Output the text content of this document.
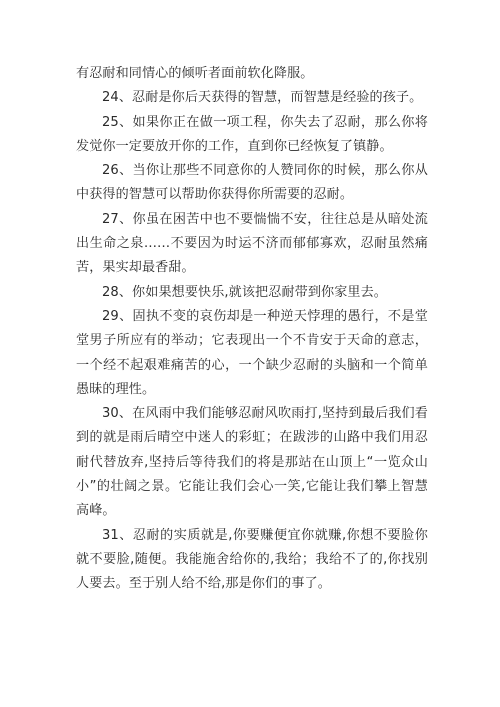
有忍耐和同情心的倾听者面前软化降服。

24、忍耐是你后天获得的智慧，而智慧是经验的孩子。

25、如果你正在做一项工程，你失去了忍耐，那么你将发觉你一定要放开你的工作，直到你已经恢复了镇静。

26、当你让那些不同意你的人赞同你的时候，那么你从中获得的智慧可以帮助你获得你所需要的忍耐。

27、你虽在困苦中也不要惴惴不安，往往总是从暗处流出生命之泉……不要因为时运不济而郁郁寡欢，忍耐虽然痛苦，果实却最香甜。

28、你如果想要快乐,就该把忍耐带到你家里去。

29、固执不变的哀伤却是一种逆天悖理的愚行，不是堂堂男子所应有的举动；它表现出一个不肯安于天命的意志，一个经不起艰难痛苦的心，一个缺少忍耐的头脑和一个简单愚昧的理性。

30、在风雨中我们能够忍耐风吹雨打,坚持到最后我们看到的就是雨后晴空中迷人的彩虹；在跋涉的山路中我们用忍耐代替放弃,坚持后等待我们的将是那站在山顶上“一览众山小”的壮阔之景。它能让我们会心一笑,它能让我们攀上智慧高峰。

31、忍耐的实质就是,你要赚便宜你就赚,你想不要脸你就不要脸,随便。我能施舍给你的,我给；我给不了的,你找别人要去。至于别人给不给,那是你们的事了。
